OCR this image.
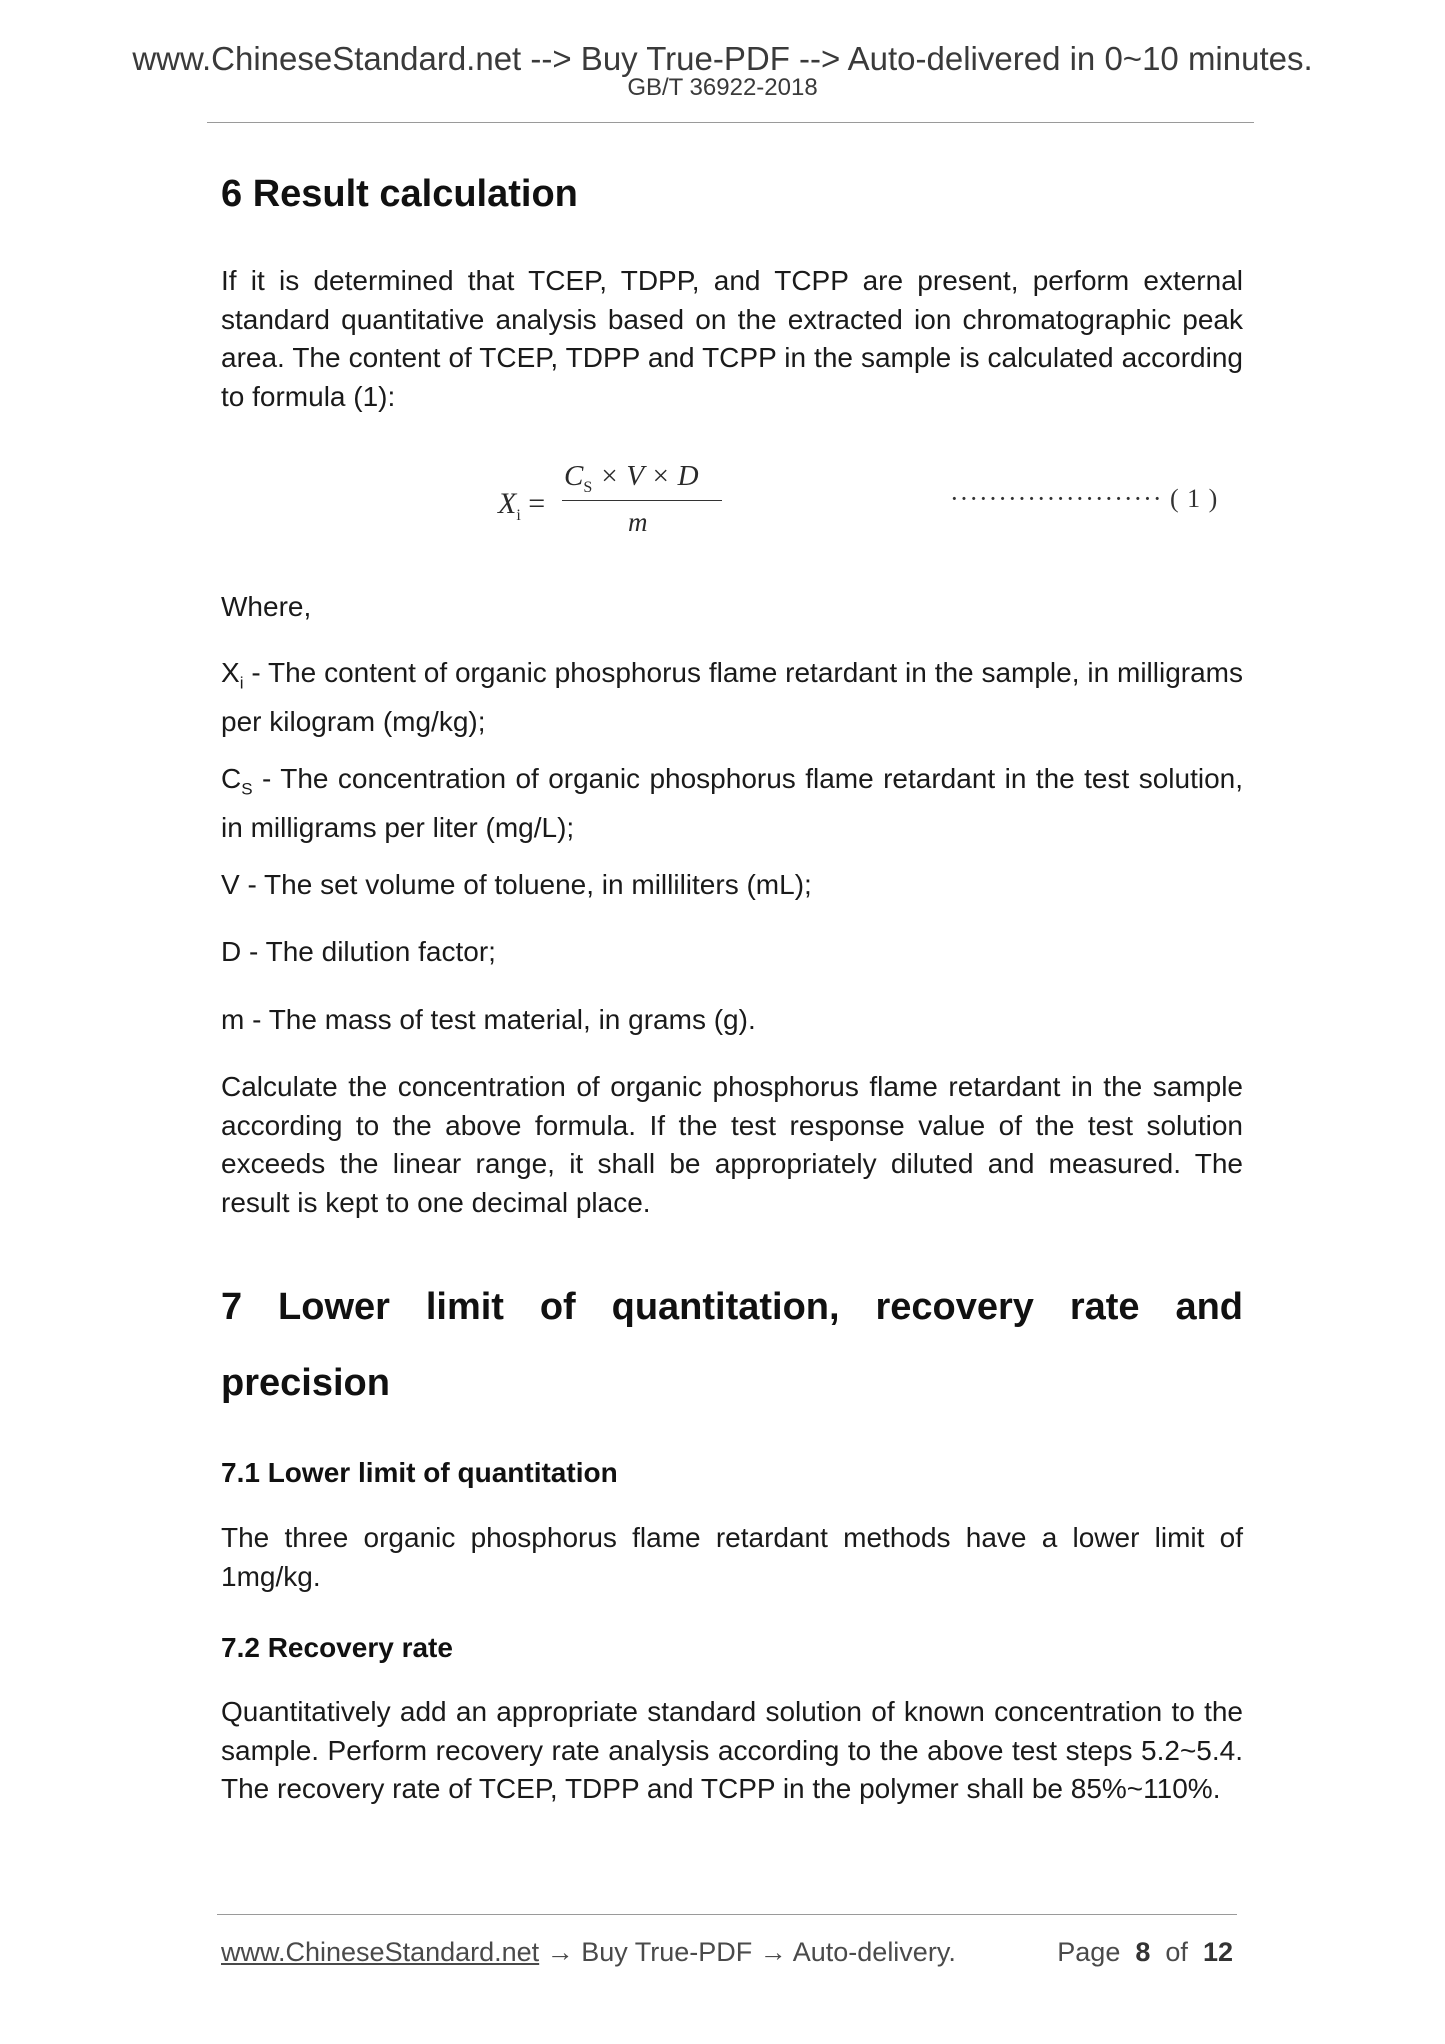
www.ChineseStandard.net --> Buy True-PDF --> Auto-delivered in 0~10 minutes.
GB/T 36922-2018
6 Result calculation

If it is determined that TCEP, TDPP, and TCPP are present, perform external standard quantitative analysis based on the extracted ion chromatographic peak area. The content of TCEP, TDPP and TCPP in the sample is calculated according to formula (1):

Where,

$X_i$ - The content of organic phosphorus flame retardant in the sample, in milligrams per kilogram (mg/kg);

$C_S$ - The concentration of organic phosphorus flame retardant in the test solution, in milligrams per liter (mg/L);

V - The set volume of toluene, in milliliters (mL);

D - The dilution factor;

m - The mass of test material, in grams (g).

Calculate the concentration of organic phosphorus flame retardant in the sample according to the above formula. If the test response value of the test solution exceeds the linear range, it shall be appropriately diluted and measured. The result is kept to one decimal place.

7 Lower limit of quantitation, recovery rate and
precision
7.1 Lower limit of quantitation

The three organic phosphorus flame retardant methods have a lower limit of 1mg/kg.

7.2 Recovery rate

Quantitatively add an appropriate standard solution of known concentration to the sample. Perform recovery rate analysis according to the above test steps 5.2~5.4. The recovery rate of TCEP, TDPP and TCPP in the polymer shall be 85%~110%.

$X_i$ =
$C_S \times V \times D$
m
······················ ( 1 )
www.ChineseStandard.net → Buy True-PDF → Auto-delivery.	Page 8 of 12
